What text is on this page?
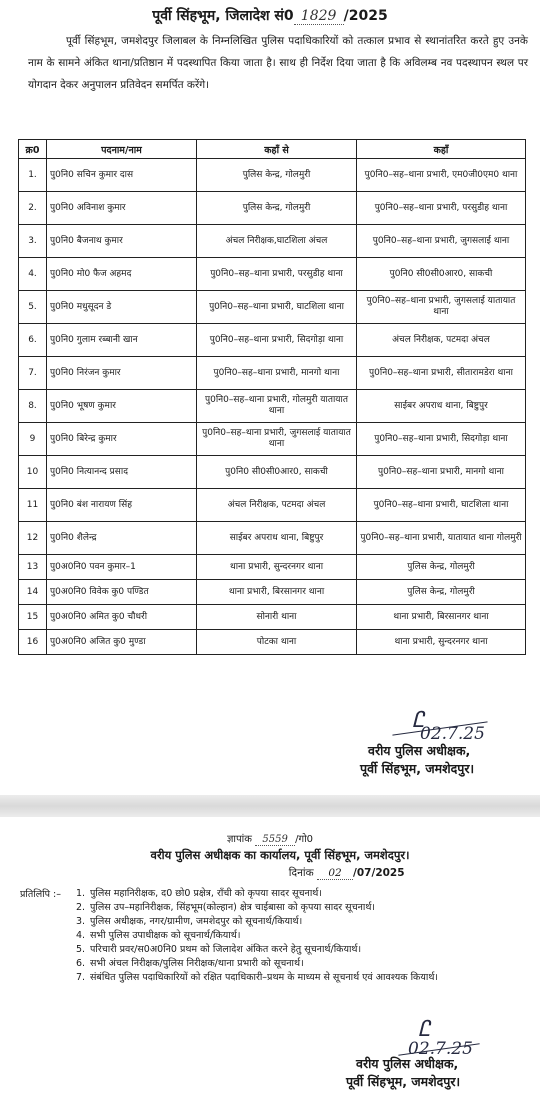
पूर्वी सिंहभूम, जिलादेश सं0 1829 /2025

पूर्वी सिंहभूम, जमशेदपुर जिलाबल के निम्नलिखित पुलिस पदाधिकारियों को तत्काल प्रभाव से स्थानांतरित करते हुए उनके नाम के सामने अंकित थाना/प्रतिष्ठान में पदस्थापित किया जाता है। साथ ही निर्देश दिया जाता है कि अविलम्ब नव पदस्थापन स्थल पर योगदान देकर अनुपालन प्रतिवेदन समर्पित करेंगे।

क्र0	पदनाम/नाम	कहाँ से	कहाँ
1.	पु0नि0 सचिन कुमार दास	पुलिस केन्द्र, गोलमुरी	पु0नि0–सह–थाना प्रभारी, एम0जी0एम0 थाना
2.	पु0नि0 अविनाश कुमार	पुलिस केन्द्र, गोलमुरी	पु0नि0–सह–थाना प्रभारी, परसुडीह थाना
3.	पु0नि0 बैजनाथ कुमार	अंचल निरीक्षक,घाटशिला अंचल	पु0नि0–सह–थाना प्रभारी, जुगसलाई थाना
4.	पु0नि0 मो0 फैज अहमद	पु0नि0–सह–थाना प्रभारी, परसुडीह थाना	पु0नि0 सी0सी0आर0, साकची
5.	पु0नि0 मधुसूदन डे	पु0नि0–सह–थाना प्रभारी, घाटशिला थाना	पु0नि0–सह–थाना प्रभारी, जुगसलाई यातायात थाना
6.	पु0नि0 गुलाम रब्बानी खान	पु0नि0–सह–थाना प्रभारी, सिदगोड़ा थाना	अंचल निरीक्षक, पटमदा अंचल
7.	पु0नि0 निरंजन कुमार	पु0नि0–सह–थाना प्रभारी, मानगो थाना	पु0नि0–सह–थाना प्रभारी, सीतारामडेरा थाना
8.	पु0नि0 भूषण कुमार	पु0नि0–सह–थाना प्रभारी, गोलमुरी यातायात थाना	साईबर अपराध थाना, बिष्टुपुर
9	पु0नि0 बिरेन्द्र कुमार	पु0नि0–सह–थाना प्रभारी, जुगसलाई यातायात थाना	पु0नि0–सह–थाना प्रभारी, सिदगोड़ा थाना
10	पु0नि0 नित्यानन्द प्रसाद	पु0नि0 सी0सी0आर0, साकची	पु0नि0–सह–थाना प्रभारी, मानगो थाना
11	पु0नि0 बंश नारायण सिंह	अंचल निरीक्षक, पटमदा अंचल	पु0नि0–सह–थाना प्रभारी, घाटशिला थाना
12	पु0नि0 शैलेन्द्र	साईबर अपराध थाना, बिष्टुपुर	पु0नि0–सह–थाना प्रभारी, यातायात थाना गोलमुरी
13	पु0अ0नि0 पवन कुमार–1	थाना प्रभारी, सुन्दरनगर थाना	पुलिस केन्द्र, गोलमुरी
14	पु0अ0नि0 विवेक कु0 पण्डित	थाना प्रभारी, बिरसानगर थाना	पुलिस केन्द्र, गोलमुरी
15	पु0अ0नि0 अमित कु0 चौधरी	सोनारी थाना	थाना प्रभारी, बिरसानगर थाना
16	पु0अ0नि0 अजित कु0 मुण्डा	पोटका थाना	थाना प्रभारी, सुन्दरनगर थाना
Ꮭ
02.7.25
वरीय पुलिस अधीक्षक,
पूर्वी सिंहभूम, जमशेदपुर।
ज्ञापांक 5559 /गो0
वरीय पुलिस अधीक्षक का कार्यालय, पूर्वी सिंहभूम, जमशेदपुर।
दिनांक 02 /07/2025
प्रतिलिपि :– 1. पुलिस महानिरीक्षक, द0 छो0 प्रक्षेत्र, राँची को कृपया सादर सूचनार्थ।
2. पुलिस उप–महानिरीक्षक, सिंहभूम(कोल्हान) क्षेत्र चाईबासा को कृपया सादर सूचनार्थ।
3. पुलिस अधीक्षक, नगर/ग्रामीण, जमशेदपुर को सूचनार्थ/कियार्थ।
4. सभी पुलिस उपाधीक्षक को सूचनार्थ/कियार्थ।
5. परिचारी प्रवर/स0अ0नि0 प्रथम को जिलादेश अंकित करने हेतु सूचनार्थ/कियार्थ।
6. सभी अंचल निरीक्षक/पुलिस निरीक्षक/थाना प्रभारी को सूचनार्थ।
7. संबंधित पुलिस पदाधिकारियों को रक्षित पदाधिकारी–प्रथम के माध्यम से सूचनार्थ एवं आवश्यक कियार्थ।
Ꮭ
02.7.25
वरीय पुलिस अधीक्षक,
पूर्वी सिंहभूम, जमशेदपुर।
